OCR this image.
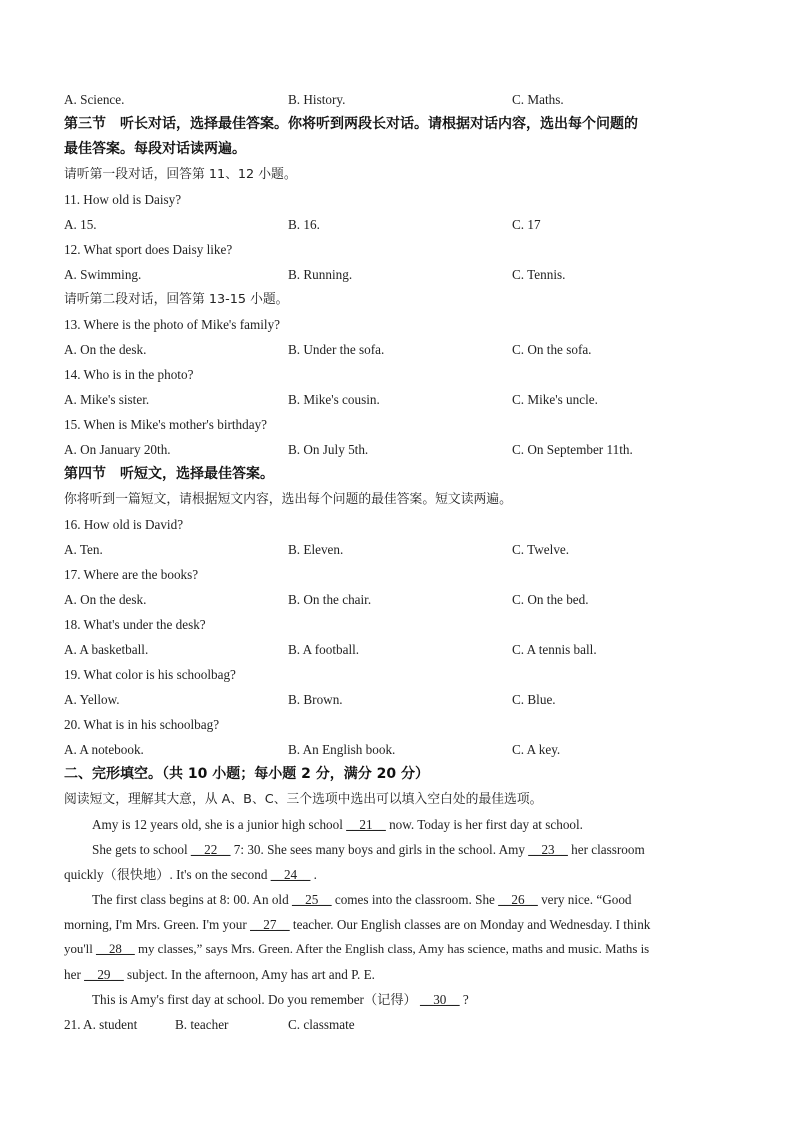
A. Science.	B. History.	C. Maths.
第三节　听长对话，选择最佳答案。你将听到两段长对话。请根据对话内容，选出每个问题的
最佳答案。每段对话读两遍。
请听第一段对话，回答第 11、12 小题。
11. How old is Daisy?
A. 15.	B. 16.	C. 17
12. What sport does Daisy like?
A. Swimming.	B. Running.	C. Tennis.
请听第二段对话，回答第 13-15 小题。
13. Where is the photo of Mike's family?
A. On the desk.	B. Under the sofa.	C. On the sofa.
14. Who is in the photo?
A. Mike's sister.	B. Mike's cousin.	C. Mike's uncle.
15. When is Mike's mother's birthday?
A. On January 20th.	B. On July 5th.	C. On September 11th.
第四节　听短文，选择最佳答案。
你将听到一篇短文，请根据短文内容，选出每个问题的最佳答案。短文读两遍。
16. How old is David?
A. Ten.	B. Eleven.	C. Twelve.
17. Where are the books?
A. On the desk.	B. On the chair.	C. On the bed.
18. What's under the desk?
A. A basketball.	B. A football.	C. A tennis ball.
19. What color is his schoolbag?
A. Yellow.	B. Brown.	C. Blue.
20. What is in his schoolbag?
A. A notebook.	B. An English book.	C. A key.
二、完形填空。（共 10 小题；每小题 2 分，满分 20 分）
阅读短文，理解其大意，从 A、B、C、三个选项中选出可以填入空白处的最佳选项。
Amy is 12 years old, she is a junior high school __21__ now. Today is her first day at school.
She gets to school __22__ 7: 30. She sees many boys and girls in the school. Amy __23__ her classroom
quickly（很快地）. It's on the second __24__ .
The first class begins at 8: 00. An old __25__ comes into the classroom. She __26__ very nice. “Good
morning, I'm Mrs. Green. I'm your __27__ teacher. Our English classes are on Monday and Wednesday. I think
you'll __28__ my classes,” says Mrs. Green. After the English class, Amy has science, maths and music. Maths is
her __29__ subject. In the afternoon, Amy has art and P. E.
This is Amy's first day at school. Do you remember（记得） __30__ ?
21. A. student	B. teacher	C. classmate
